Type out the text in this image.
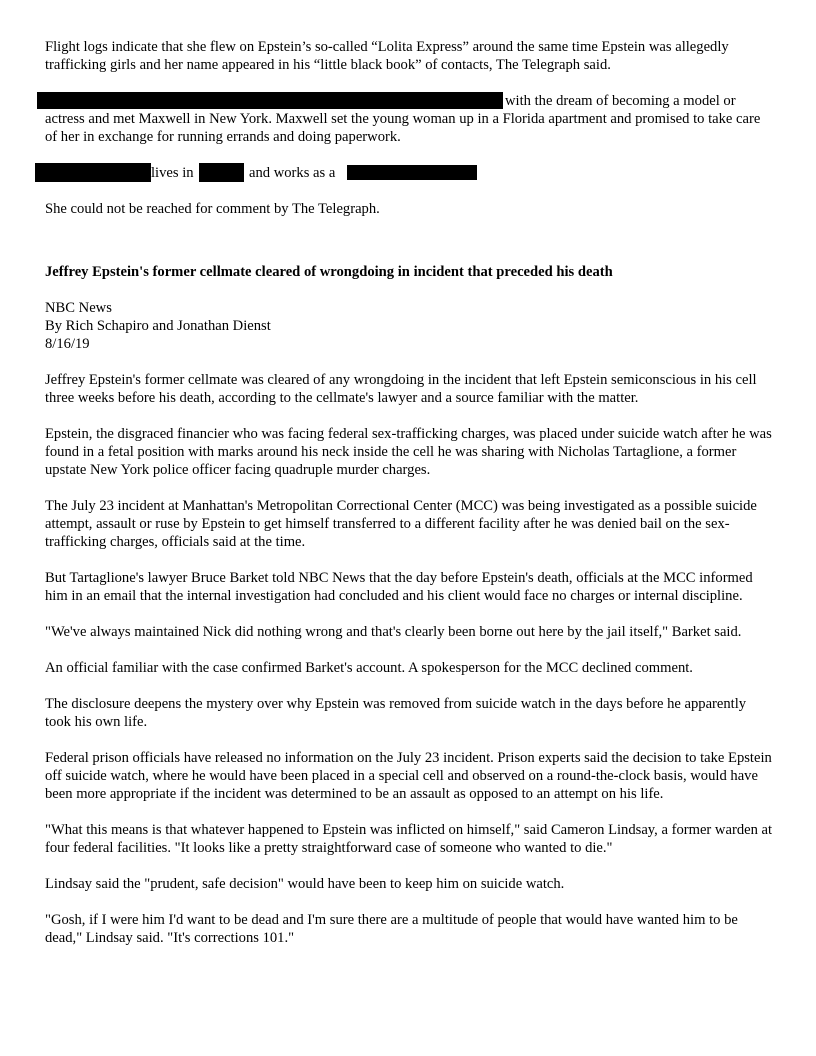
Flight logs indicate that she flew on Epstein’s so-called “Lolita Express” around the same time Epstein was allegedly trafficking girls and her name appeared in his “little black book” of contacts, The Telegraph said.

with the dream of becoming a model or
actress and met Maxwell in New York. Maxwell set the young woman up in a Florida apartment and promised to take care of her in exchange for running errands and doing paperwork.
lives in	and works as a

She could not be reached for comment by The Telegraph.

Jeffrey Epstein's former cellmate cleared of wrongdoing in incident that preceded his death

NBC News
By Rich Schapiro and Jonathan Dienst
8/16/19

Jeffrey Epstein's former cellmate was cleared of any wrongdoing in the incident that left Epstein semiconscious in his cell three weeks before his death, according to the cellmate's lawyer and a source familiar with the matter.

Epstein, the disgraced financier who was facing federal sex-trafficking charges, was placed under suicide watch after he was found in a fetal position with marks around his neck inside the cell he was sharing with Nicholas Tartaglione, a former upstate New York police officer facing quadruple murder charges.

The July 23 incident at Manhattan's Metropolitan Correctional Center (MCC) was being investigated as a possible suicide attempt, assault or ruse by Epstein to get himself transferred to a different facility after he was denied bail on the sex-trafficking charges, officials said at the time.

But Tartaglione's lawyer Bruce Barket told NBC News that the day before Epstein's death, officials at the MCC informed him in an email that the internal investigation had concluded and his client would face no charges or internal discipline.

"We've always maintained Nick did nothing wrong and that's clearly been borne out here by the jail itself," Barket said.

An official familiar with the case confirmed Barket's account. A spokesperson for the MCC declined comment.

The disclosure deepens the mystery over why Epstein was removed from suicide watch in the days before he apparently took his own life.

Federal prison officials have released no information on the July 23 incident. Prison experts said the decision to take Epstein off suicide watch, where he would have been placed in a special cell and observed on a round-the-clock basis, would have been more appropriate if the incident was determined to be an assault as opposed to an attempt on his life.

"What this means is that whatever happened to Epstein was inflicted on himself," said Cameron Lindsay, a former warden at four federal facilities. "It looks like a pretty straightforward case of someone who wanted to die."

Lindsay said the "prudent, safe decision" would have been to keep him on suicide watch.

"Gosh, if I were him I'd want to be dead and I'm sure there are a multitude of people that would have wanted him to be dead," Lindsay said. "It's corrections 101."
